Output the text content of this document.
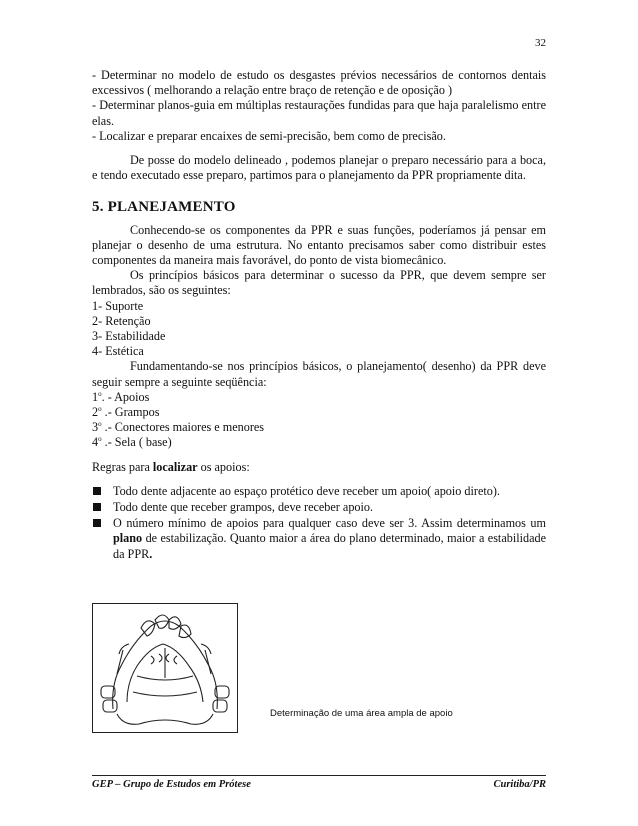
32

- Determinar no modelo de estudo os desgastes prévios necessários de contornos dentais excessivos ( melhorando a relação entre braço de retenção e de oposição )

- Determinar planos-guia em múltiplas restaurações fundidas para que haja paralelismo entre elas.

- Localizar e preparar encaixes de semi-precisão, bem como de precisão.

De posse do modelo delineado , podemos planejar o preparo necessário para a boca, e tendo executado esse preparo, partimos para o planejamento da PPR propriamente dita.

5. PLANEJAMENTO

Conhecendo-se os componentes da PPR e suas funções, poderíamos já pensar em planejar o desenho de uma estrutura. No entanto precisamos saber como distribuir estes componentes da maneira mais favorável, do ponto de vista biomecânico.

Os princípios básicos para determinar o sucesso da PPR, que devem sempre ser lembrados, são os seguintes:

1- Suporte

2- Retenção

3- Estabilidade

4- Estética

Fundamentando-se nos princípios básicos, o planejamento( desenho) da PPR deve seguir sempre a seguinte seqüência:

1$^o$. - Apoios

2$^o$ .- Grampos

3$^o$ .- Conectores maiores e menores

4$^o$ .- Sela ( base)

Regras para localizar os apoios:

Todo dente adjacente ao espaço protético deve receber um apoio( apoio direto).
Todo dente que receber grampos, deve receber apoio.
O número mínimo de apoios para qualquer caso deve ser 3. Assim determinamos um plano de estabilização. Quanto maior a área do plano determinado, maior a estabilidade da PPR.
Determinação de uma área ampla de apoio
GEP – Grupo de Estudos em Prótese	Curitiba/PR
